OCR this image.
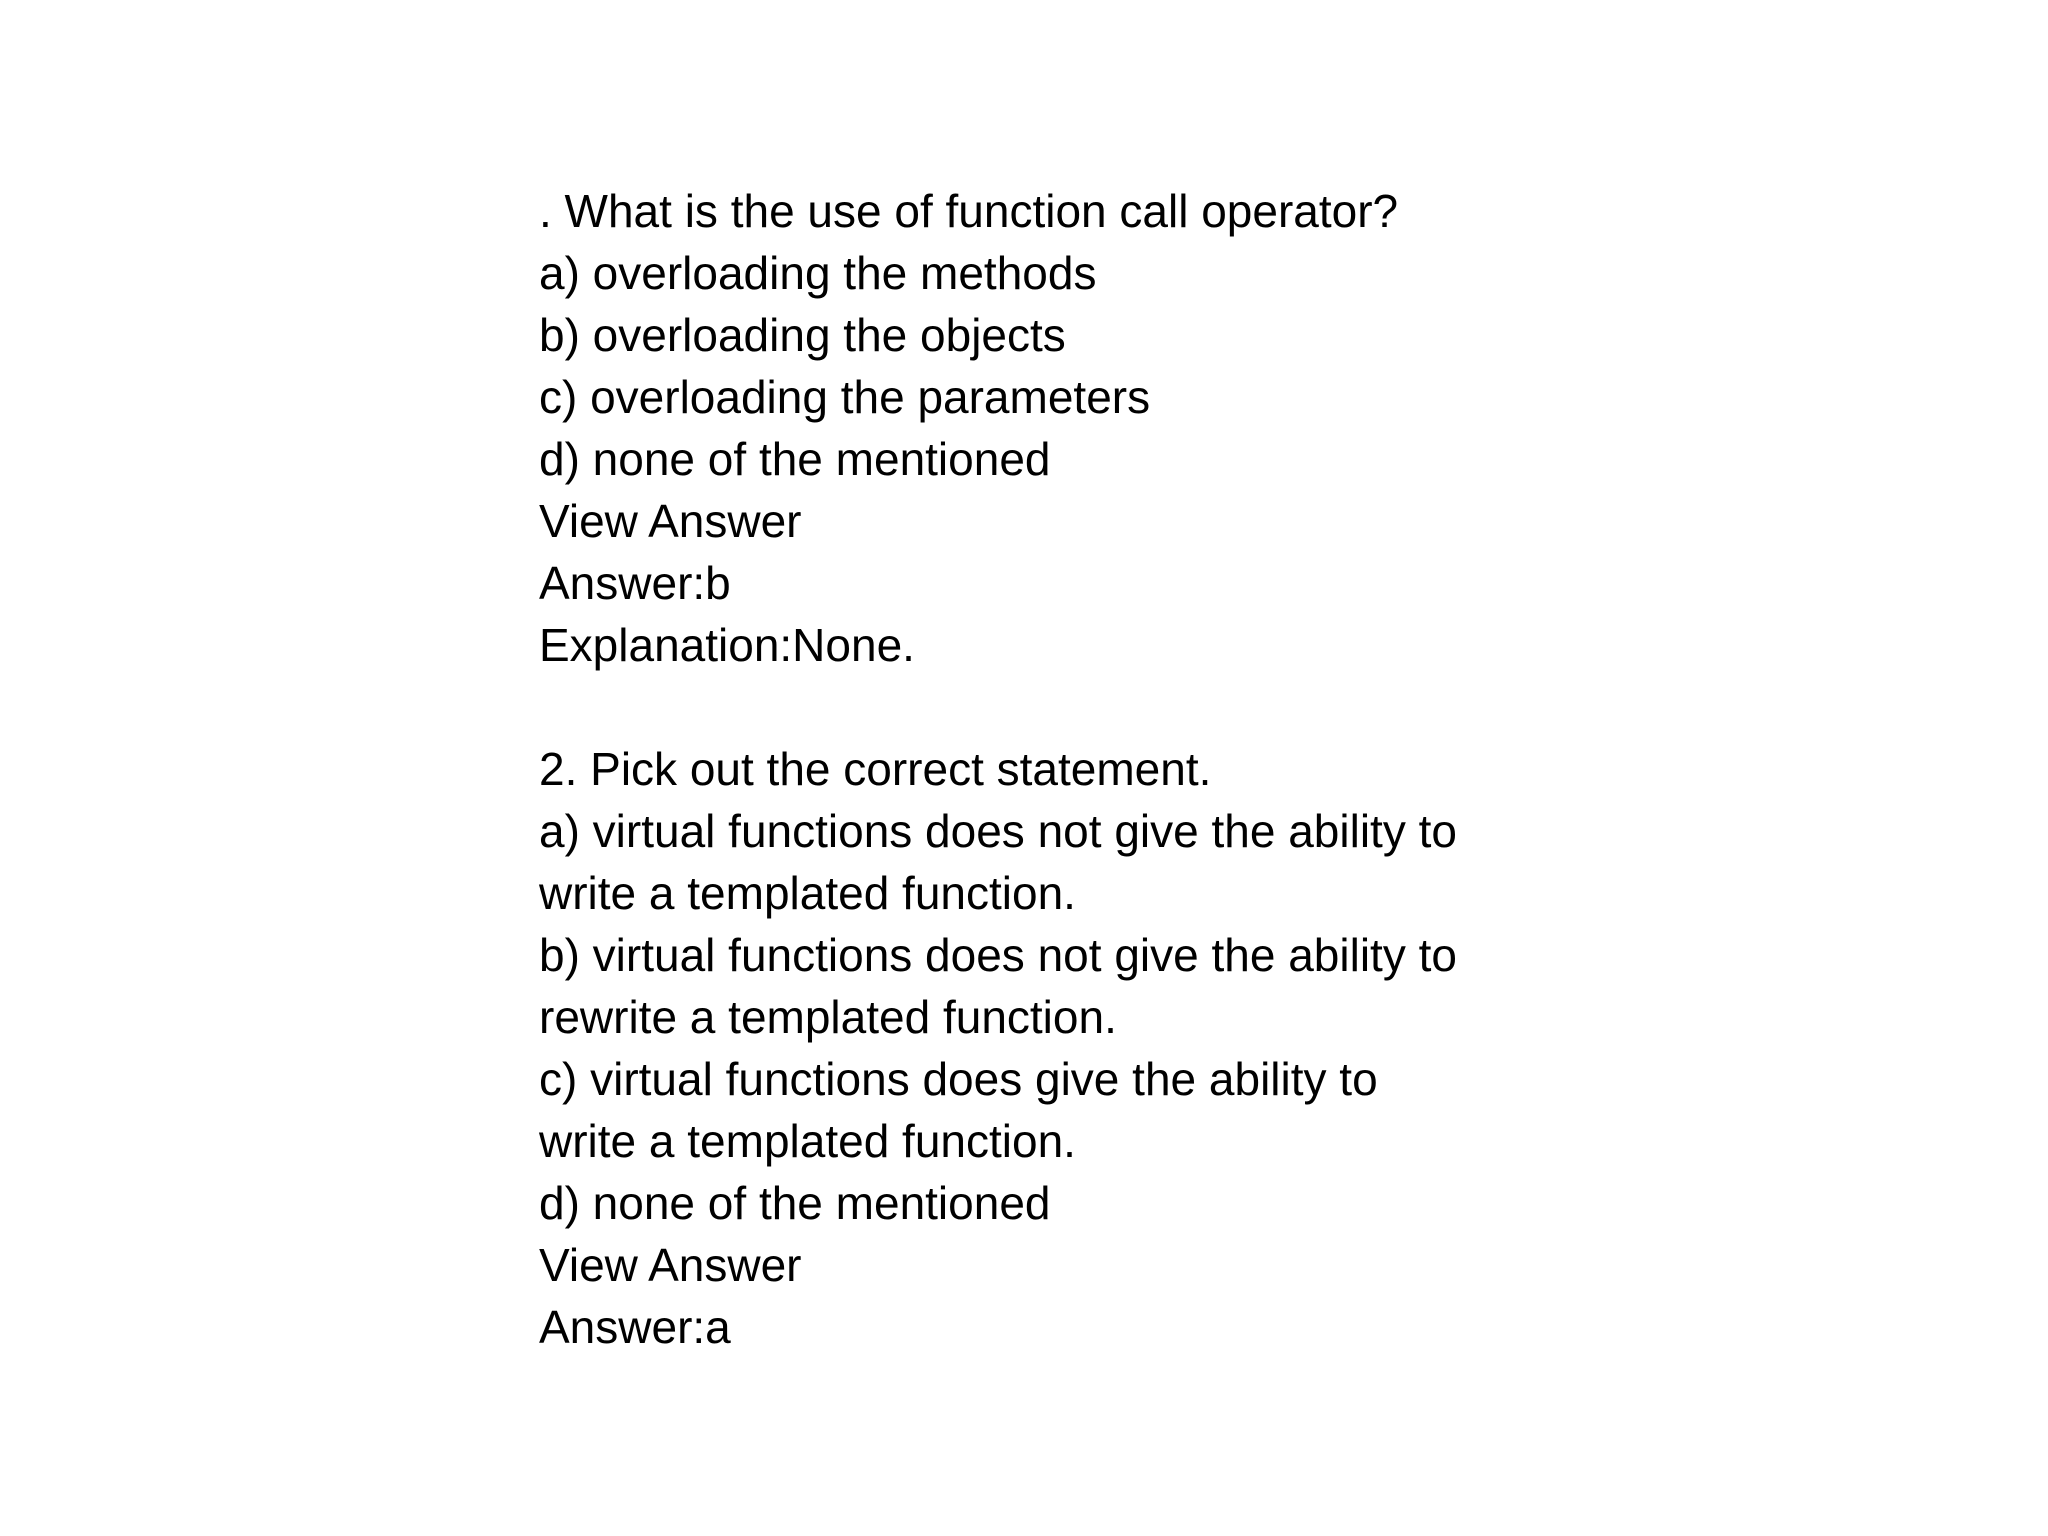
. What is the use of function call operator?
a) overloading the methods
b) overloading the objects
c) overloading the parameters
d) none of the mentioned
View Answer
Answer:b
Explanation:None.
2. Pick out the correct statement.
a) virtual functions does not give the ability to
write a templated function.
b) virtual functions does not give the ability to
rewrite a templated function.
c) virtual functions does give the ability to
write a templated function.
d) none of the mentioned
View Answer
Answer:a
